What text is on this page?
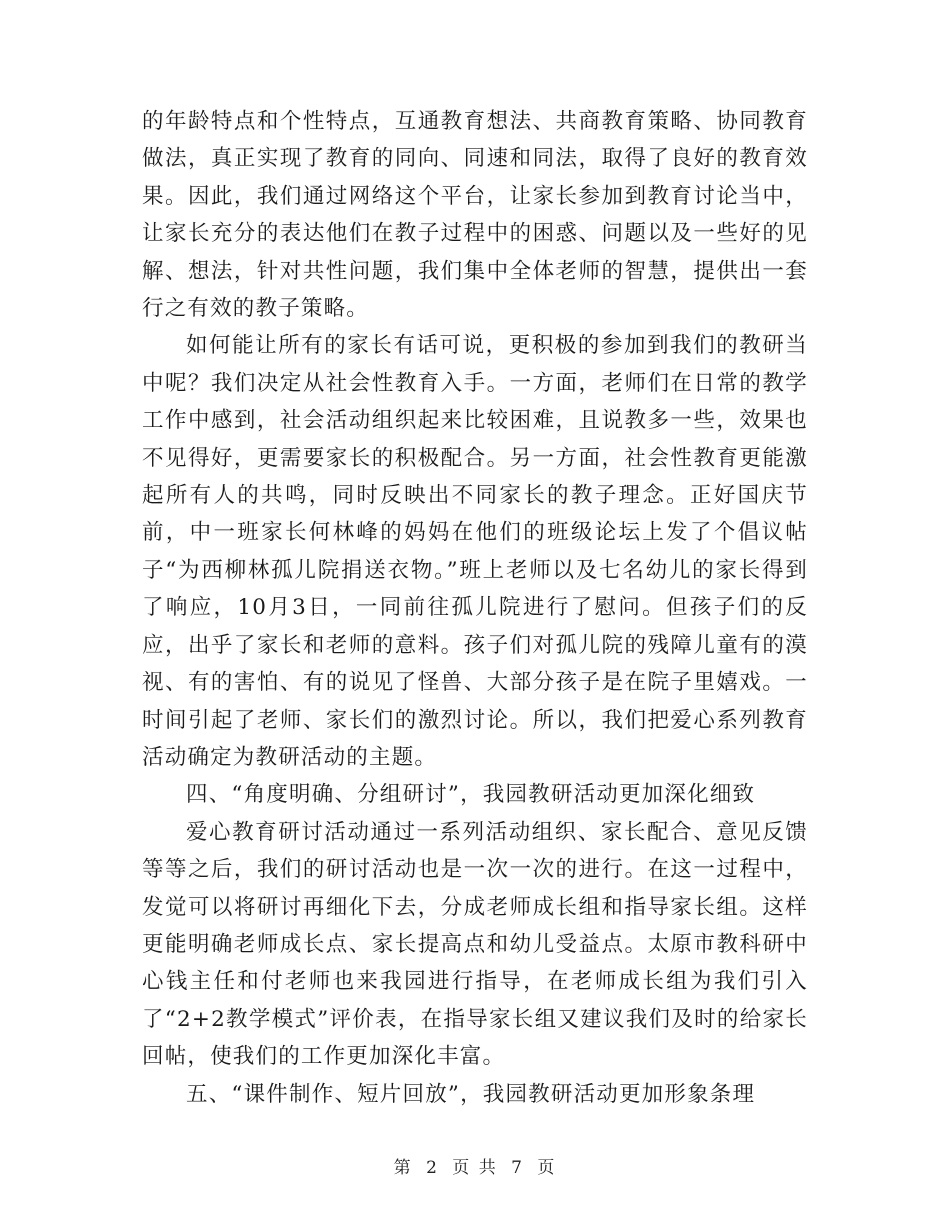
的年龄特点和个性特点，互通教育想法、共商教育策略、协同教育做法，真正实现了教育的同向、同速和同法，取得了良好的教育效果。因此，我们通过网络这个平台，让家长参加到教育讨论当中，让家长充分的表达他们在教子过程中的困惑、问题以及一些好的见解、想法，针对共性问题，我们集中全体老师的智慧，提供出一套行之有效的教子策略。

如何能让所有的家长有话可说，更积极的参加到我们的教研当中呢？我们决定从社会性教育入手。一方面，老师们在日常的教学工作中感到，社会活动组织起来比较困难，且说教多一些，效果也不见得好，更需要家长的积极配合。另一方面，社会性教育更能激起所有人的共鸣，同时反映出不同家长的教子理念。正好国庆节前，中一班家长何林峰的妈妈在他们的班级论坛上发了个倡议帖子“为西柳林孤儿院捐送衣物。”班上老师以及七名幼儿的家长得到了响应，10月3日，一同前往孤儿院进行了慰问。但孩子们的反应，出乎了家长和老师的意料。孩子们对孤儿院的残障儿童有的漠视、有的害怕、有的说见了怪兽、大部分孩子是在院子里嬉戏。一时间引起了老师、家长们的激烈讨论。所以，我们把爱心系列教育活动确定为教研活动的主题。

四、“角度明确、分组研讨”，我园教研活动更加深化细致

爱心教育研讨活动通过一系列活动组织、家长配合、意见反馈等等之后，我们的研讨活动也是一次一次的进行。在这一过程中，发觉可以将研讨再细化下去，分成老师成长组和指导家长组。这样更能明确老师成长点、家长提高点和幼儿受益点。太原市教科研中心钱主任和付老师也来我园进行指导，在老师成长组为我们引入了“2+2教学模式”评价表，在指导家长组又建议我们及时的给家长回帖，使我们的工作更加深化丰富。

五、“课件制作、短片回放”，我园教研活动更加形象条理

第 2 页 共 7 页
